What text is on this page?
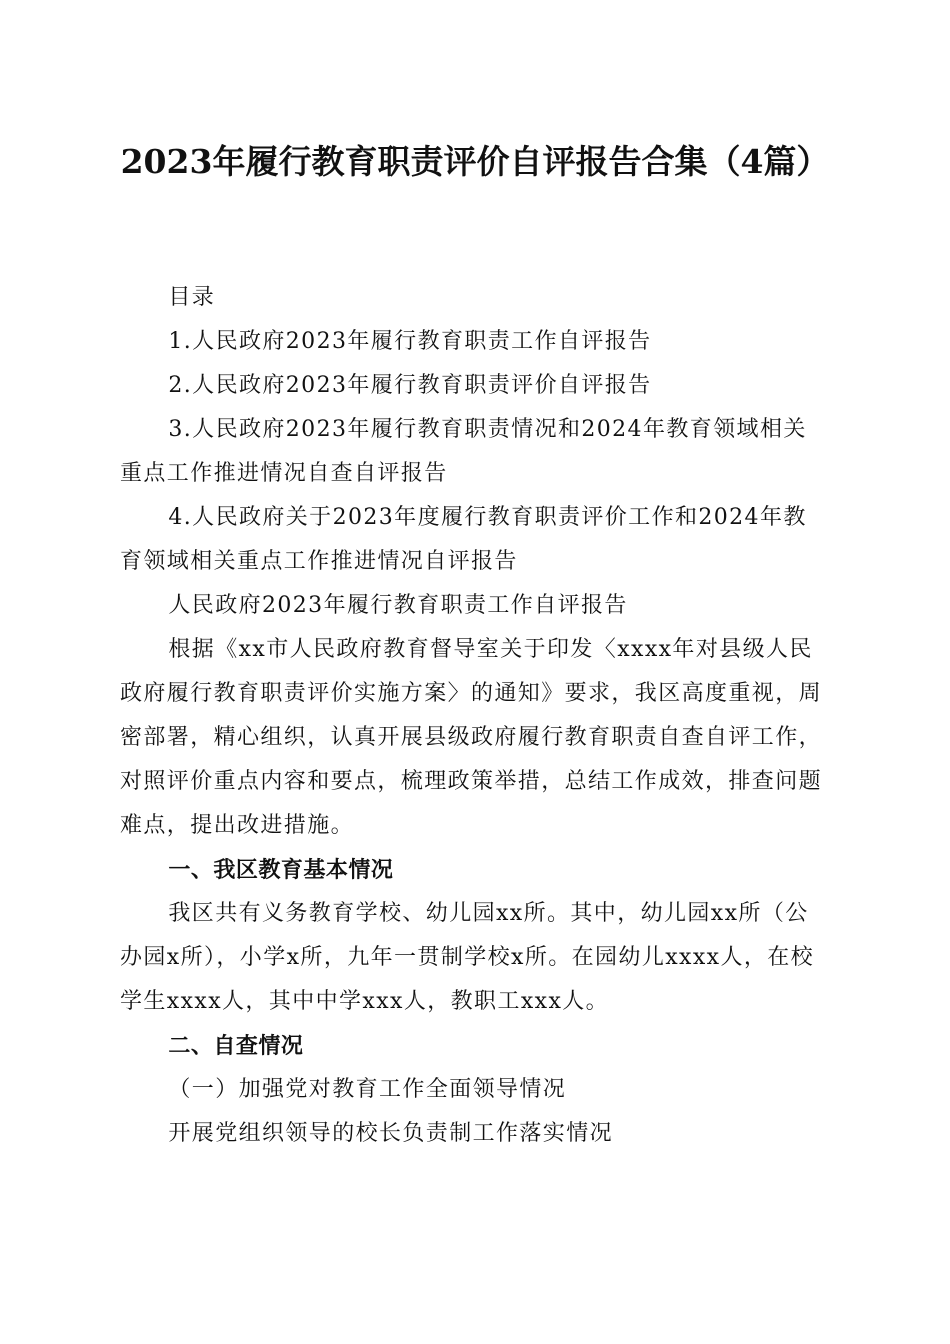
2023年履行教育职责评价自评报告合集（4篇）

目录

1.人民政府2023年履行教育职责工作自评报告

2.人民政府2023年履行教育职责评价自评报告

3.人民政府2023年履行教育职责情况和2024年教育领域相关重点工作推进情况自查自评报告

4.人民政府关于2023年度履行教育职责评价工作和2024年教育领域相关重点工作推进情况自评报告

人民政府2023年履行教育职责工作自评报告

根据《xx市人民政府教育督导室关于印发〈xxxx年对县级人民政府履行教育职责评价实施方案〉的通知》要求，我区高度重视，周密部署，精心组织，认真开展县级政府履行教育职责自查自评工作，对照评价重点内容和要点，梳理政策举措，总结工作成效，排查问题难点，提出改进措施。

一、我区教育基本情况

我区共有义务教育学校、幼儿园xx所。其中，幼儿园xx所（公办园x所），小学x所，九年一贯制学校x所。在园幼儿xxxx人，在校学生xxxx人，其中中学xxx人，教职工xxx人。

二、自查情况

（一）加强党对教育工作全面领导情况

开展党组织领导的校长负责制工作落实情况
